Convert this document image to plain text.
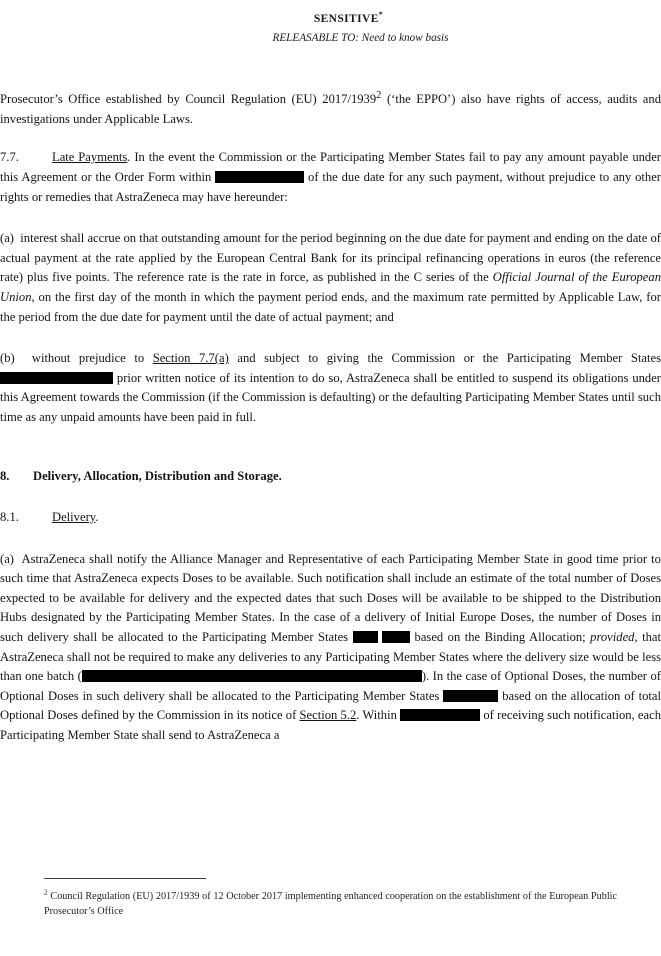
SENSITIVE*
RELEASABLE TO: Need to know basis

Prosecutor’s Office established by Council Regulation (EU) 2017/1939$^2$ (‘the EPPO’) also have rights of access, audits and investigations under Applicable Laws.

7.7.	Late Payments. In the event the Commission or the Participating Member States fail to pay any amount payable under this Agreement or the Order Form within	of the due date for any such payment, without prejudice to any other rights or remedies that AstraZeneca may have hereunder:

(a) interest shall accrue on that outstanding amount for the period beginning on the due date for payment and ending on the date of actual payment at the rate applied by the European Central Bank for its principal refinancing operations in euros (the reference rate) plus five points. The reference rate is the rate in force, as published in the C series of the Official Journal of the European Union, on the first day of the month in which the payment period ends, and the maximum rate permitted by Applicable Law, for the period from the due date for payment until the date of actual payment; and

(b) without prejudice to Section 7.7(a) and subject to giving the Commission or the Participating Member States  prior written notice of its intention to do so, AstraZeneca shall be entitled to suspend its obligations under this Agreement towards the Commission (if the Commission is defaulting) or the defaulting Participating Member States until such time as any unpaid amounts have been paid in full.

8. Delivery, Allocation, Distribution and Storage.

8.1.	Delivery.

(a) AstraZeneca shall notify the Alliance Manager and Representative of each Participating Member State in good time prior to such time that AstraZeneca expects Doses to be available. Such notification shall include an estimate of the total number of Doses expected to be available for delivery and the expected dates that such Doses will be available to be shipped to the Distribution Hubs designated by the Participating Member States. In the case of a delivery of Initial Europe Doses, the number of Doses in such delivery shall be allocated to the Participating Member States	based on the Binding Allocation; provided, that AstraZeneca shall not be required to make any deliveries to any Participating Member States where the delivery size would be less than one batch (	). In the case of Optional Doses, the number of Optional Doses in such delivery shall be allocated to the Participating Member States	based on the allocation of total Optional Doses defined by the Commission in its notice of Section 5.2. Within	of receiving such notification, each Participating Member State shall send to AstraZeneca a

$^2$ Council Regulation (EU) 2017/1939 of 12 October 2017 implementing enhanced cooperation on the establishment of the European Public Prosecutor’s Office
